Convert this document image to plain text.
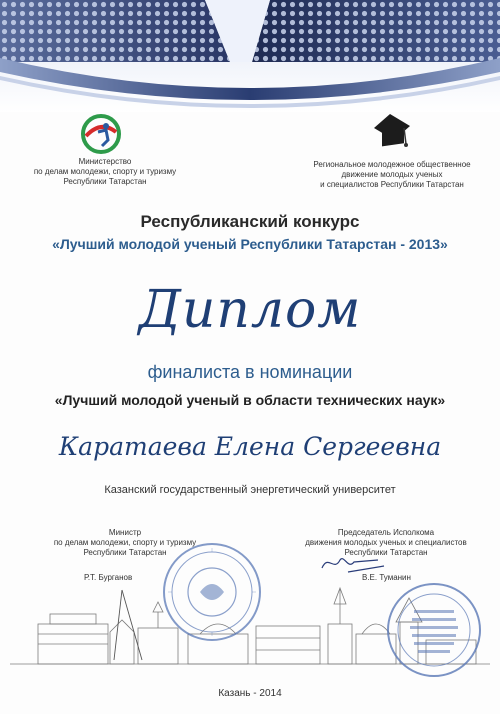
Министерство
по делам молодежи, спорту и туризму
Республики Татарстан
Региональное молодежное общественное
движение молодых ученых
и специалистов Республики Татарстан
Республиканский конкурс
«Лучший молодой ученый Республики Татарстан - 2013»
Диплом
финалиста в номинации
«Лучший молодой ученый в области технических наук»
Каратаева Елена Сергеевна
Казанский государственный энергетический университет
Министр
по делам молодежи, спорту и туризму
Республики Татарстан
Р.Т. Бурганов
Председатель Исполкома
движения молодых ученых и специалистов
Республики Татарстан
В.Е. Туманин
Казань - 2014
